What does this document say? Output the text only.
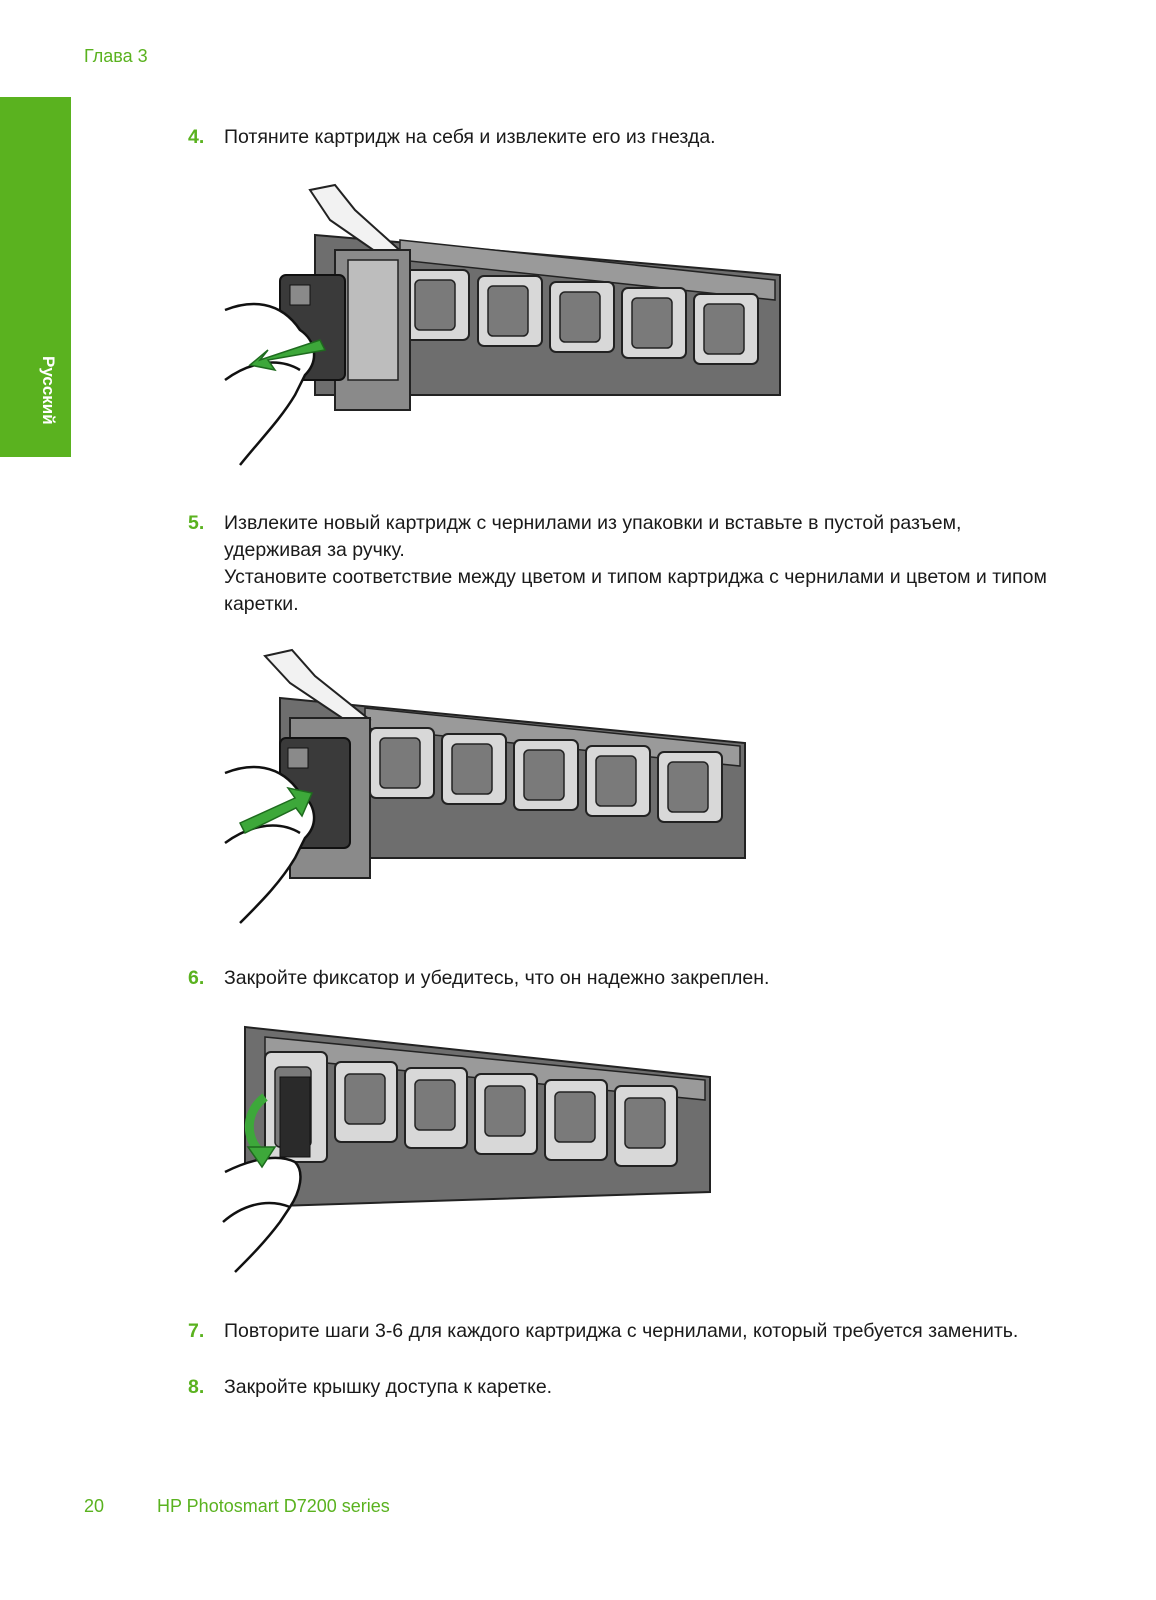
Глава 3
Русский
4.	Потяните картридж на себя и извлеките его из гнезда.

5.	Извлеките новый картридж с чернилами из упаковки и вставьте в пустой разъем, удерживая за ручку.

Установите соответствие между цветом и типом картриджа с чернилами и цветом и типом каретки.

6.	Закройте фиксатор и убедитесь, что он надежно закреплен.

7.	Повторите шаги 3-6 для каждого картриджа с чернилами, который требуется заменить.

8.	Закройте крышку доступа к каретке.

20	HP Photosmart D7200 series
